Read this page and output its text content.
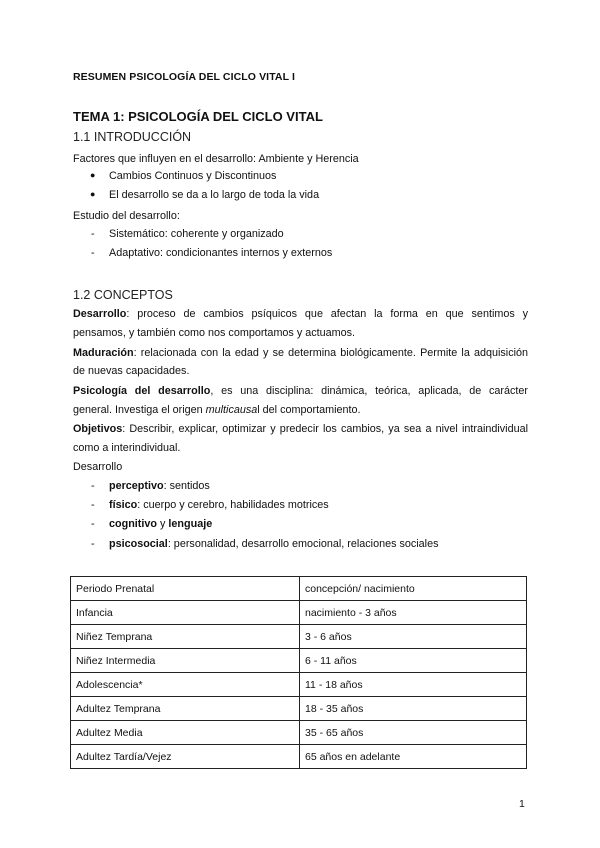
RESUMEN PSICOLOGÍA DEL CICLO VITAL I
TEMA 1: PSICOLOGÍA DEL CICLO VITAL
1.1 INTRODUCCIÓN
Factores que influyen en el desarrollo: Ambiente y Herencia
● Cambios Continuos y Discontinuos
● El desarrollo se da a lo largo de toda la vida
Estudio del desarrollo:
- Sistemático: coherente y organizado
- Adaptativo: condicionantes internos y externos
1.2 CONCEPTOS
Desarrollo: proceso de cambios psíquicos que afectan la forma en que sentimos y
pensamos, y también como nos comportamos y actuamos.
Maduración: relacionada con la edad y se determina biológicamente. Permite la adquisición
de nuevas capacidades.
Psicología del desarrollo, es una disciplina: dinámica, teórica, aplicada, de carácter
general. Investiga el origen multicausal del comportamiento.
Objetivos: Describir, explicar, optimizar y predecir los cambios, ya sea a nivel intraindividual
como a interindividual.
Desarrollo
- perceptivo: sentidos
- físico: cuerpo y cerebro, habilidades motrices
- cognitivo y lenguaje
- psicosocial: personalidad, desarrollo emocional, relaciones sociales
Periodo Prenatal	concepción/ nacimiento
Infancia	nacimiento - 3 años
Niñez Temprana	3 - 6 años
Niñez Intermedia	6 - 11 años
Adolescencia*	11 - 18 años
Adultez Temprana	18 - 35 años
Adultez Media	35 - 65 años
Adultez Tardía/Vejez	65 años en adelante
1
